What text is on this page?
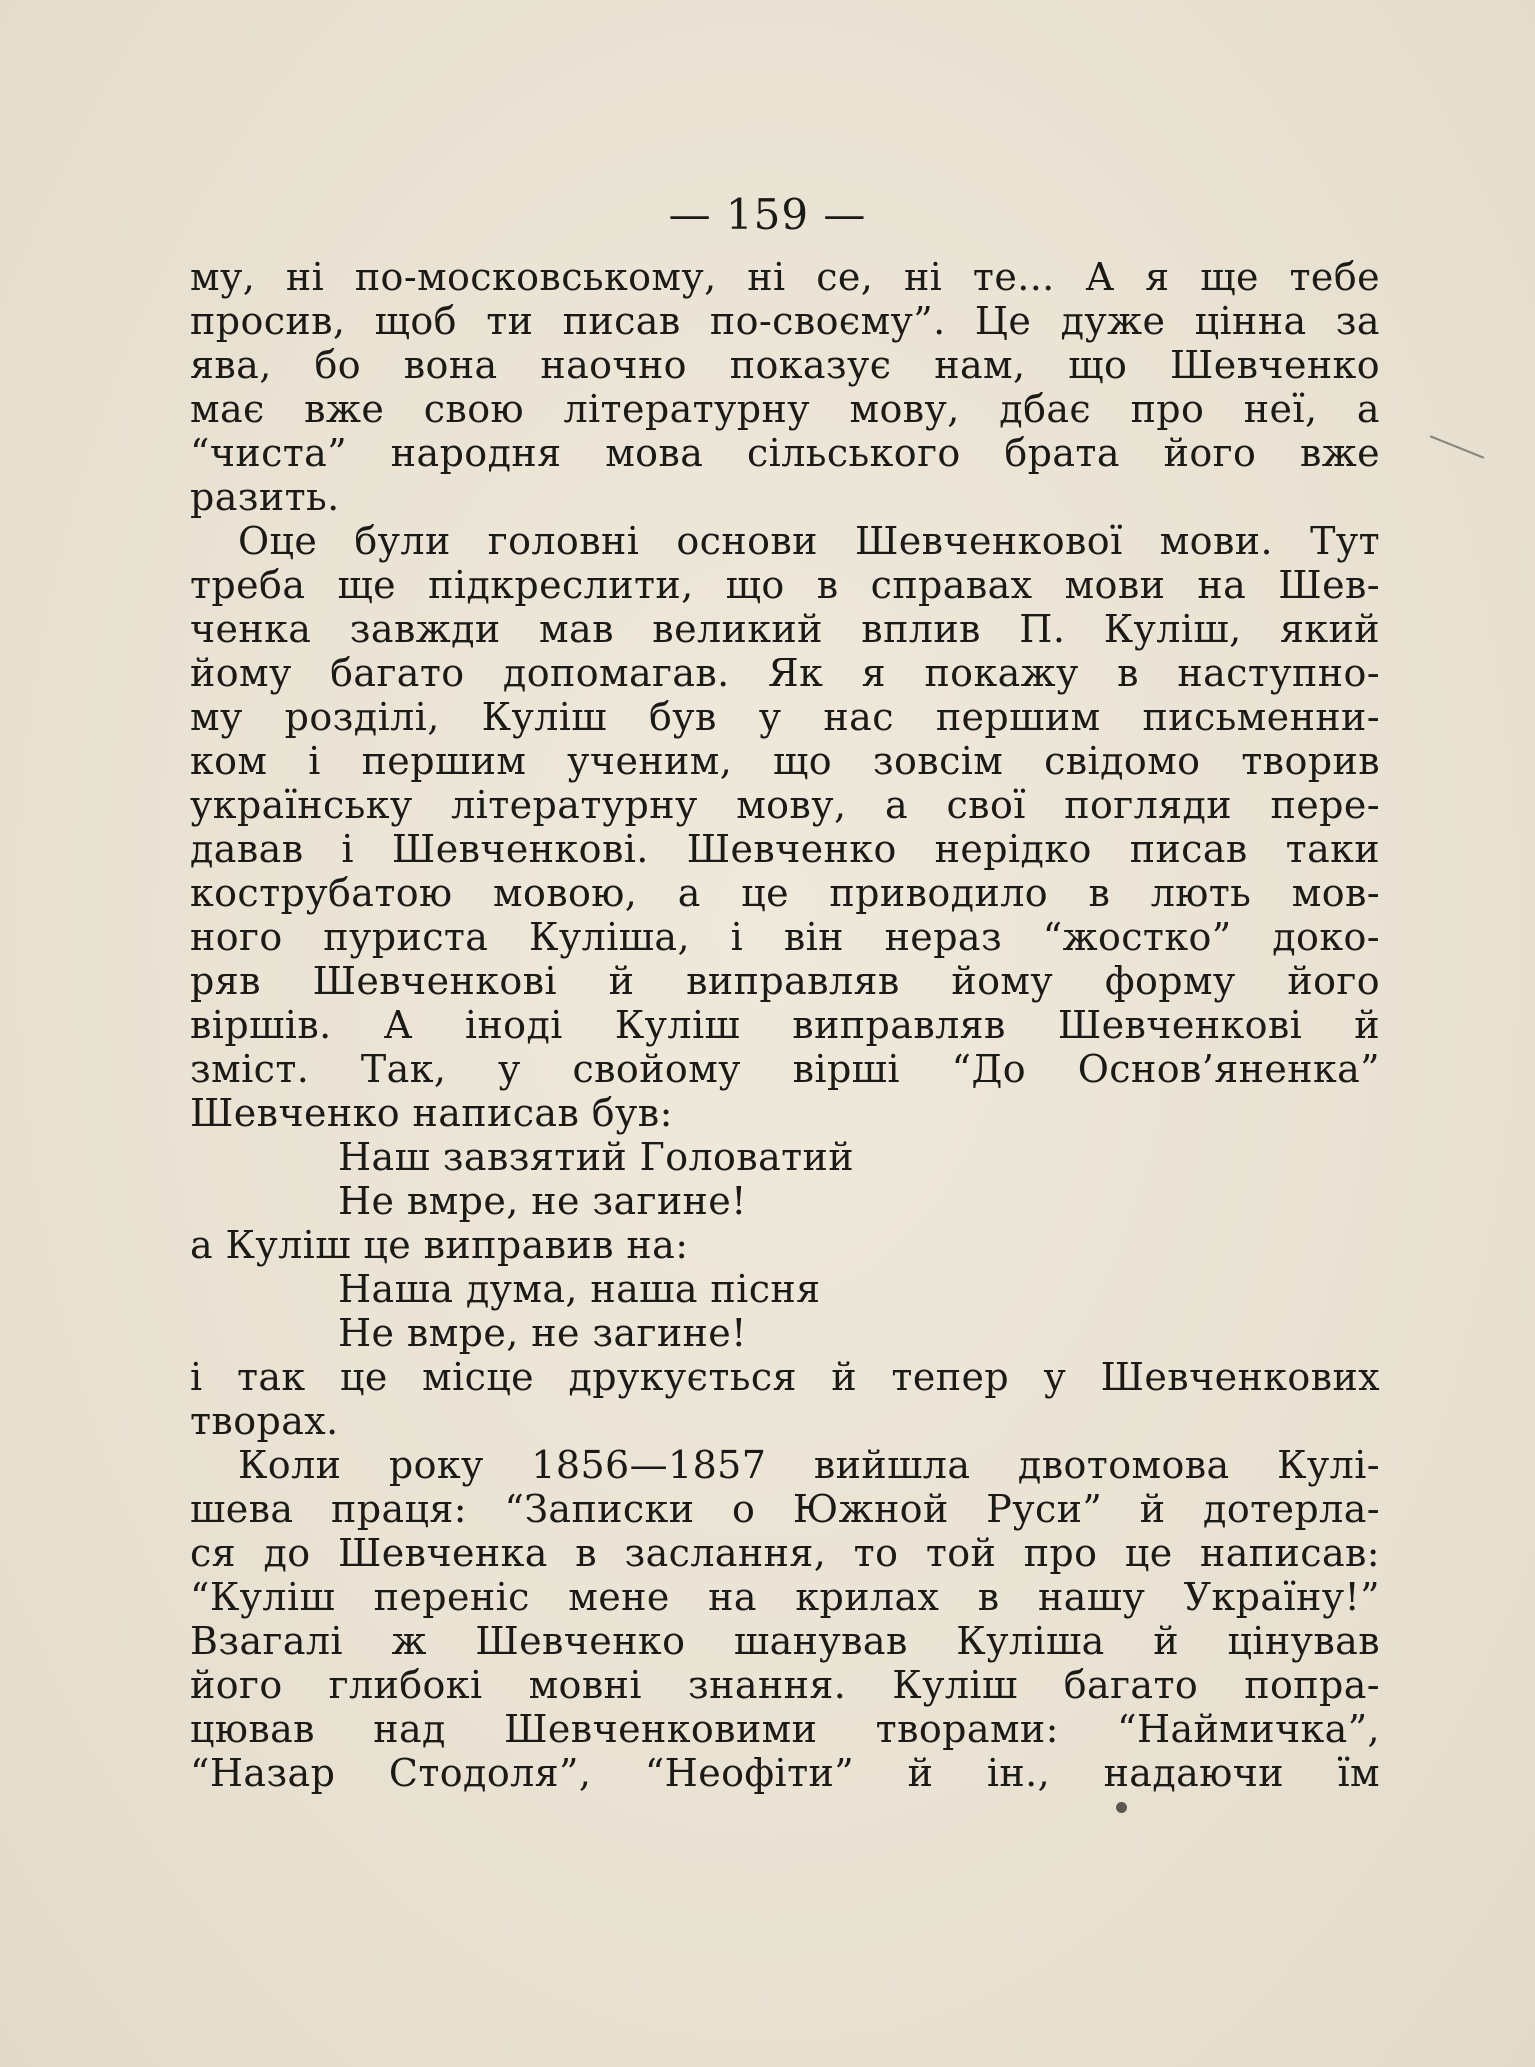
— 159 —
му, ні по-московському, ні се, ні те... А я ще тебе
просив, щоб ти писав по-своєму”. Це дуже цінна за
ява, бо вона наочно показує нам, що Шевченко
має вже свою літературну мову, дбає про неї, а
“чиста” народня мова сільського брата його вже
разить.
Оце були головні основи Шевченкової мови. Тут
треба ще підкреслити, що в справах мови на Шев-
ченка завжди мав великий вплив П. Куліш, який
йому багато допомагав. Як я покажу в наступно-
му розділі, Куліш був у нас першим письменни-
ком і першим ученим, що зовсім свідомо творив
українську літературну мову, а свої погляди пере-
давав і Шевченкові. Шевченко нерідко писав таки
кострубатою мовою, а це приводило в лють мов-
ного пуриста Куліша, і він нераз “жостко” доко-
ряв Шевченкові й виправляв йому форму його
віршів. А іноді Куліш виправляв Шевченкові й
зміст. Так, у свойому вірші “До Основ’яненка”
Шевченко написав був:
Наш завзятий Головатий
Не вмре, не загине!
а Куліш це виправив на:
Наша дума, наша пісня
Не вмре, не загине!
і так це місце друкується й тепер у Шевченкових
творах.
Коли року 1856—1857 вийшла двотомова Кулі-
шева праця: “Записки о Южной Руси” й дотерла-
ся до Шевченка в заслання, то той про це написав:
“Куліш переніс мене на крилах в нашу Україну!”
Взагалі ж Шевченко шанував Куліша й цінував
його глибокі мовні знання. Куліш багато попра-
цював над Шевченковими творами: “Наймичка”,
“Назар Стодоля”, “Неофіти” й ін., надаючи їм
